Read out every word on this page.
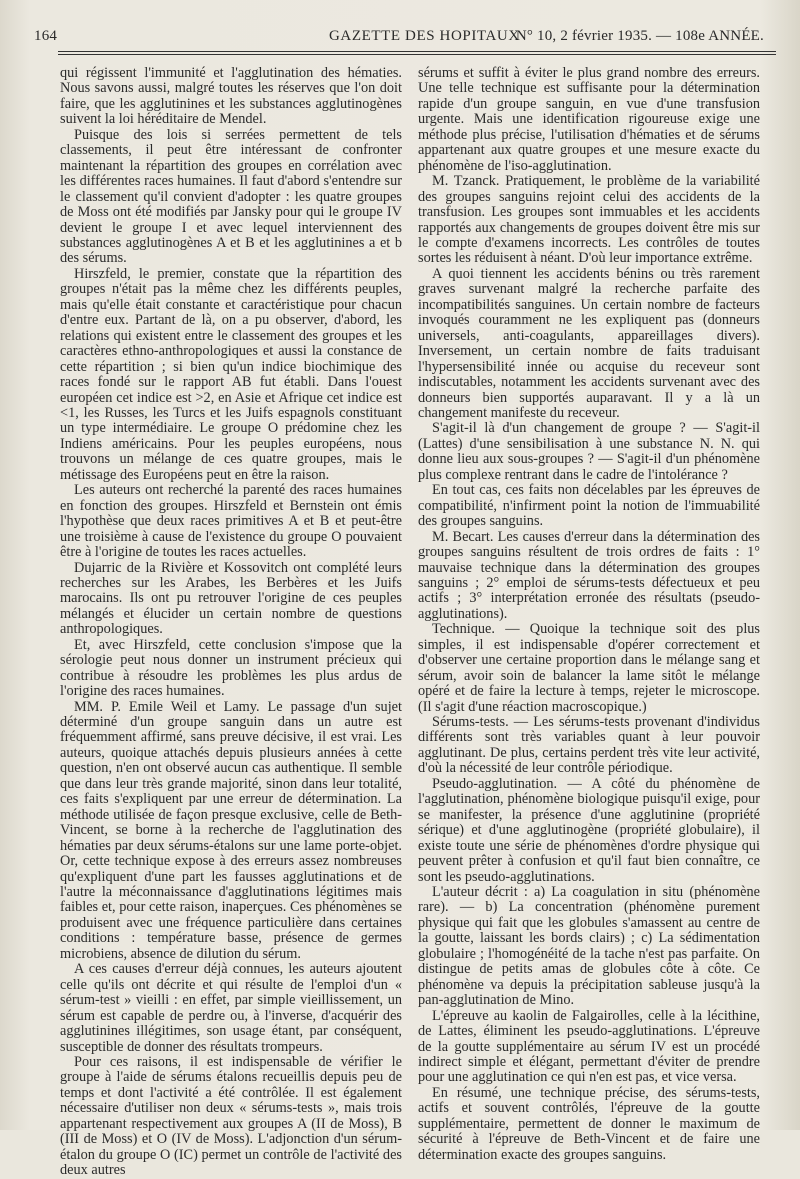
164	GAZETTE DES HOPITAUX
N° 10, 2 février 1935. — 108e ANNÉE.

qui régissent l'immunité et l'agglutination des hématies. Nous savons aussi, malgré toutes les réserves que l'on doit faire, que les agglutinines et les substances agglutinogènes suivent la loi héréditaire de Mendel.

Puisque des lois si serrées permettent de tels classements, il peut être intéressant de confronter maintenant la répartition des groupes en corrélation avec les différentes races humaines. Il faut d'abord s'entendre sur le classement qu'il convient d'adopter : les quatre groupes de Moss ont été modifiés par Jansky pour qui le groupe IV devient le groupe I et avec lequel interviennent des substances agglutinogènes A et B et les agglutinines a et b des sérums.

Hirszfeld, le premier, constate que la répartition des groupes n'était pas la même chez les différents peuples, mais qu'elle était constante et caractéristique pour chacun d'entre eux. Partant de là, on a pu observer, d'abord, les relations qui existent entre le classement des groupes et les caractères ethno-anthropologiques et aussi la constance de cette répartition ; si bien qu'un indice biochimique des races fondé sur le rapport AB fut établi. Dans l'ouest européen cet indice est >2, en Asie et Afrique cet indice est <1, les Russes, les Turcs et les Juifs espagnols constituant un type intermédiaire. Le groupe O prédomine chez les Indiens américains. Pour les peuples européens, nous trouvons un mélange de ces quatre groupes, mais le métissage des Européens peut en être la raison.

Les auteurs ont recherché la parenté des races humaines en fonction des groupes. Hirszfeld et Bernstein ont émis l'hypothèse que deux races primitives A et B et peut-être une troisième à cause de l'existence du groupe O pouvaient être à l'origine de toutes les races actuelles.

Dujarric de la Rivière et Kossovitch ont complété leurs recherches sur les Arabes, les Berbères et les Juifs marocains. Ils ont pu retrouver l'origine de ces peuples mélangés et élucider un certain nombre de questions anthropologiques.

Et, avec Hirszfeld, cette conclusion s'impose que la sérologie peut nous donner un instrument précieux qui contribue à résoudre les problèmes les plus ardus de l'origine des races humaines.

MM. P. Emile Weil et Lamy. Le passage d'un sujet déterminé d'un groupe sanguin dans un autre est fréquemment affirmé, sans preuve décisive, il est vrai. Les auteurs, quoique attachés depuis plusieurs années à cette question, n'en ont observé aucun cas authentique. Il semble que dans leur très grande majorité, sinon dans leur totalité, ces faits s'expliquent par une erreur de détermination. La méthode utilisée de façon presque exclusive, celle de Beth-Vincent, se borne à la recherche de l'agglutination des hématies par deux sérums-étalons sur une lame porte-objet. Or, cette technique expose à des erreurs assez nombreuses qu'expliquent d'une part les fausses agglutinations et de l'autre la méconnaissance d'agglutinations légitimes mais faibles et, pour cette raison, inaperçues. Ces phénomènes se produisent avec une fréquence particulière dans certaines conditions : température basse, présence de germes microbiens, absence de dilution du sérum.

A ces causes d'erreur déjà connues, les auteurs ajoutent celle qu'ils ont décrite et qui résulte de l'emploi d'un « sérum-test » vieilli : en effet, par simple vieillissement, un sérum est capable de perdre ou, à l'inverse, d'acquérir des agglutinines illégitimes, son usage étant, par conséquent, susceptible de donner des résultats trompeurs.

Pour ces raisons, il est indispensable de vérifier le groupe à l'aide de sérums étalons recueillis depuis peu de temps et dont l'activité a été contrôlée. Il est également nécessaire d'utiliser non deux « sérums-tests », mais trois appartenant respectivement aux groupes A (II de Moss), B (III de Moss) et O (IV de Moss). L'adjonction d'un sérum-étalon du groupe O (IC) permet un contrôle de l'activité des deux autres

sérums et suffit à éviter le plus grand nombre des erreurs. Une telle technique est suffisante pour la détermination rapide d'un groupe sanguin, en vue d'une transfusion urgente. Mais une identification rigoureuse exige une méthode plus précise, l'utilisation d'hématies et de sérums appartenant aux quatre groupes et une mesure exacte du phénomène de l'iso-agglutination.

M. Tzanck. Pratiquement, le problème de la variabilité des groupes sanguins rejoint celui des accidents de la transfusion. Les groupes sont immuables et les accidents rapportés aux changements de groupes doivent être mis sur le compte d'examens incorrects. Les contrôles de toutes sortes les réduisent à néant. D'où leur importance extrême.

A quoi tiennent les accidents bénins ou très rarement graves survenant malgré la recherche parfaite des incompatibilités sanguines. Un certain nombre de facteurs invoqués couramment ne les expliquent pas (donneurs universels, anti-coagulants, appareillages divers). Inversement, un certain nombre de faits traduisant l'hypersensibilité innée ou acquise du receveur sont indiscutables, notamment les accidents survenant avec des donneurs bien supportés auparavant. Il y a là un changement manifeste du receveur.

S'agit-il là d'un changement de groupe ? — S'agit-il (Lattes) d'une sensibilisation à une substance N. N. qui donne lieu aux sous-groupes ? — S'agit-il d'un phénomène plus complexe rentrant dans le cadre de l'intolérance ?

En tout cas, ces faits non décelables par les épreuves de compatibilité, n'infirment point la notion de l'immuabilité des groupes sanguins.

M. Becart. Les causes d'erreur dans la détermination des groupes sanguins résultent de trois ordres de faits : 1° mauvaise technique dans la détermination des groupes sanguins ; 2° emploi de sérums-tests défectueux et peu actifs ; 3° interprétation erronée des résultats (pseudo-agglutinations).

Technique. — Quoique la technique soit des plus simples, il est indispensable d'opérer correctement et d'observer une certaine proportion dans le mélange sang et sérum, avoir soin de balancer la lame sitôt le mélange opéré et de faire la lecture à temps, rejeter le microscope. (Il s'agit d'une réaction macroscopique.)

Sérums-tests. — Les sérums-tests provenant d'individus différents sont très variables quant à leur pouvoir agglutinant. De plus, certains perdent très vite leur activité, d'où la nécessité de leur contrôle périodique.

Pseudo-agglutination. — A côté du phénomène de l'agglutination, phénomène biologique puisqu'il exige, pour se manifester, la présence d'une agglutinine (propriété sérique) et d'une agglutinogène (propriété globulaire), il existe toute une série de phénomènes d'ordre physique qui peuvent prêter à confusion et qu'il faut bien connaître, ce sont les pseudo-agglutinations.

L'auteur décrit : a) La coagulation in situ (phénomène rare). — b) La concentration (phénomène purement physique qui fait que les globules s'amassent au centre de la goutte, laissant les bords clairs) ; c) La sédimentation globulaire ; l'homogénéité de la tache n'est pas parfaite. On distingue de petits amas de globules côte à côte. Ce phénomène va depuis la précipitation sableuse jusqu'à la pan-agglutination de Mino.

L'épreuve au kaolin de Falgairolles, celle à la lécithine, de Lattes, éliminent les pseudo-agglutinations. L'épreuve de la goutte supplémentaire au sérum IV est un procédé indirect simple et élégant, permettant d'éviter de prendre pour une agglutination ce qui n'en est pas, et vice versa.

En résumé, une technique précise, des sérums-tests, actifs et souvent contrôlés, l'épreuve de la goutte supplémentaire, permettent de donner le maximum de sécurité à l'épreuve de Beth-Vincent et de faire une détermination exacte des groupes sanguins.
